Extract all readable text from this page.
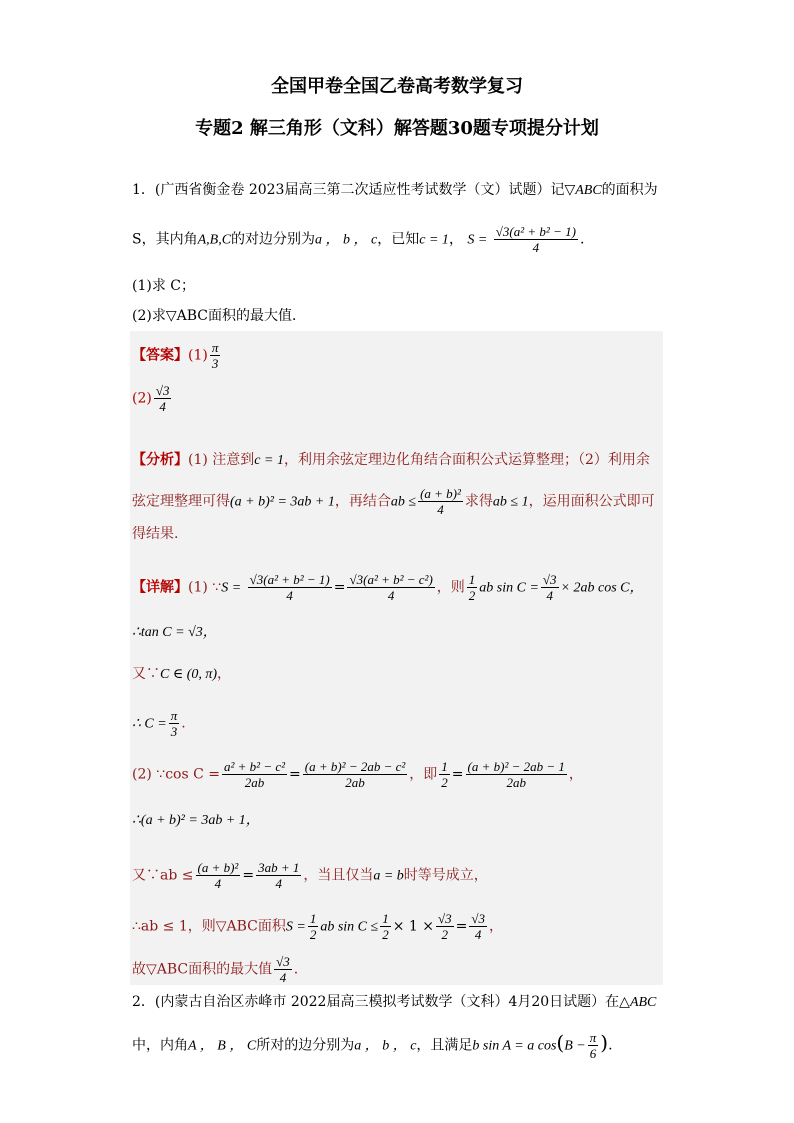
全国甲卷全国乙卷高考数学复习
专题2 解三角形（文科）解答题30题专项提分计划
1．(广西省衡金卷 2023届高三第二次适应性考试数学（文）试题）记▽ABC的面积为
S，其内角A,B,C的对边分别为a ， b ， c，已知c = 1， $S = \frac{\text{√3(a² + b² − 1)}}{4}$ .
(1)求 C；
(2)求▽ABC面积的最大值．
【答案】$(1) \frac{\pi}{3}$
$(2) \frac{√3}{4}$
【分析】(1) 注意到c = 1，利用余弦定理边化角结合面积公式运算整理；（2）利用余
弦定理整理可得(a + b)² = 3ab + 1，再结合ab ≤ $\frac{\text{(a + b)²}}{4}$ 求得ab ≤ 1，运用面积公式即可
得结果.
【详解】(1) ∵S = $\frac{\text{√3(a² + b² − 1)}}{4} = \frac{\text{√3(a² + b² − c²)}}{4}$ ，则 $\frac{1}{2}$ ab $\sin C = \frac{√3}{4} \times 2ab$ cos C，
∴tan C = √3，
又∵C ∈ (0, π)，
∴ $C = \frac{\pi}{3}$ .
(2) ∵cos $C = \frac{\text{a² + b² − c²}}{2ab} = \frac{\text{(a + b)² − 2ab − c²}}{2ab}$ ，即 $\frac{1}{2} = \frac{\text{(a + b)² − 2ab − 1}}{2ab}$ ，
∴(a + b)² = 3ab + 1，
又∵ab ≤ $\frac{\text{(a + b)²}}{4} = \frac{3ab + 1}{4}$ ，当且仅当a = b时等号成立，
∴ab ≤ 1，则▽ABC面积$S = \frac{1}{2}$ ab $\sin C \le \frac{1}{2} \times 1 \times \frac{√3}{2} = \frac{√3}{4}$ ，
故▽ABC面积的最大值 $\frac{√3}{4}$ .
2．(内蒙古自治区赤峰市 2022届高三模拟考试数学（文科）4月20日试题）在△ABC
中，内角A ， B ， C所对的边分别为a ， b ， c，且满足b sin A = a $\cos(B - \frac{\pi}{6}$ ).
